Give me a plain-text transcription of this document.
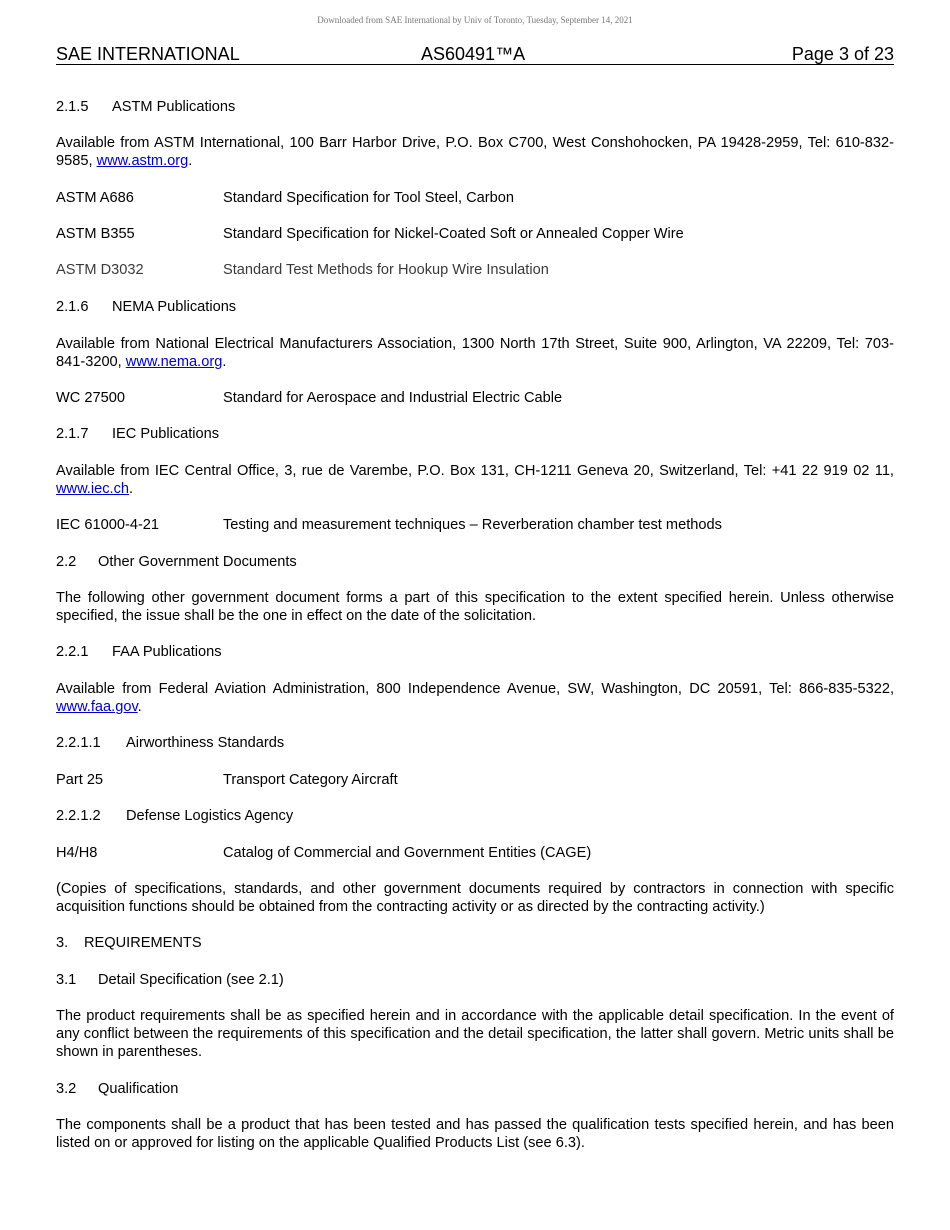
Downloaded from SAE International by Univ of Toronto, Tuesday, September 14, 2021
SAE INTERNATIONAL	AS60491™A	Page 3 of 23
2.1.5 ASTM Publications
Available from ASTM International, 100 Barr Harbor Drive, P.O. Box C700, West Conshohocken, PA 19428-2959, Tel: 610-832-9585, www.astm.org.
ASTM A686	Standard Specification for Tool Steel, Carbon
ASTM B355	Standard Specification for Nickel-Coated Soft or Annealed Copper Wire
ASTM D3032	Standard Test Methods for Hookup Wire Insulation
2.1.6 NEMA Publications
Available from National Electrical Manufacturers Association, 1300 North 17th Street, Suite 900, Arlington, VA 22209, Tel: 703-841-3200, www.nema.org.
WC 27500	Standard for Aerospace and Industrial Electric Cable
2.1.7 IEC Publications
Available from IEC Central Office, 3, rue de Varembe, P.O. Box 131, CH-1211 Geneva 20, Switzerland, Tel: +41 22 919 02 11, www.iec.ch.
IEC 61000-4-21	Testing and measurement techniques – Reverberation chamber test methods
2.2 Other Government Documents
The following other government document forms a part of this specification to the extent specified herein. Unless otherwise specified, the issue shall be the one in effect on the date of the solicitation.
2.2.1 FAA Publications
Available from Federal Aviation Administration, 800 Independence Avenue, SW, Washington, DC 20591, Tel: 866-835-5322, www.faa.gov.
2.2.1.1 Airworthiness Standards
Part 25	Transport Category Aircraft
2.2.1.2 Defense Logistics Agency
H4/H8	Catalog of Commercial and Government Entities (CAGE)
(Copies of specifications, standards, and other government documents required by contractors in connection with specific acquisition functions should be obtained from the contracting activity or as directed by the contracting activity.)
3. REQUIREMENTS
3.1 Detail Specification (see 2.1)
The product requirements shall be as specified herein and in accordance with the applicable detail specification. In the event of any conflict between the requirements of this specification and the detail specification, the latter shall govern. Metric units shall be shown in parentheses.
3.2 Qualification
The components shall be a product that has been tested and has passed the qualification tests specified herein, and has been listed on or approved for listing on the applicable Qualified Products List (see 6.3).
